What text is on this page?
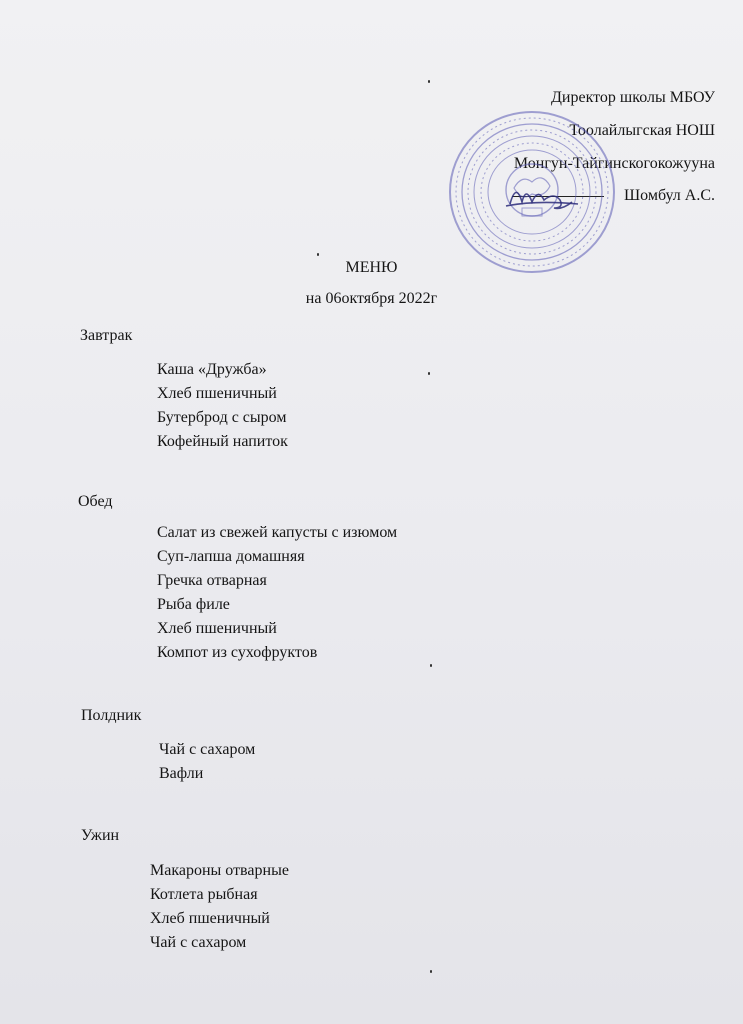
Директор школы МБОУ
Тоолайлыгская НОШ
Монгун-Тайгинскогокожууна
Шомбул А.С.
МЕНЮ
на 06октября 2022г
Завтрак
Каша «Дружба»
Хлеб пшеничный
Бутерброд с сыром
Кофейный напиток
Обед
Салат из свежей капусты с изюмом
Суп-лапша домашняя
Гречка отварная
Рыба филе
Хлеб пшеничный
Компот из сухофруктов
Полдник
Чай с сахаром
Вафли
Ужин
Макароны отварные
Котлета рыбная
Хлеб пшеничный
Чай с сахаром
